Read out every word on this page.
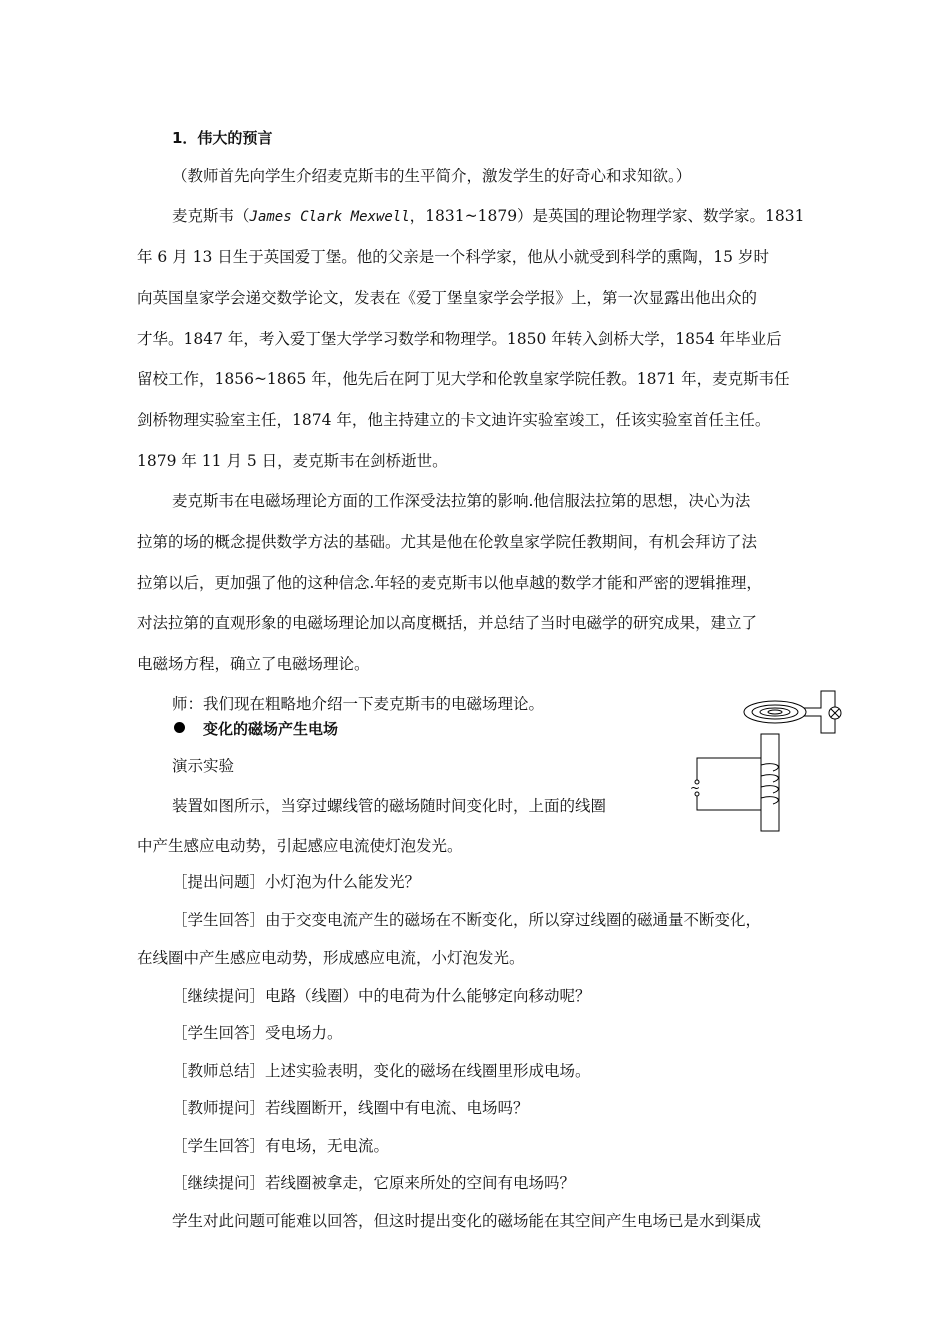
1．伟大的预言
（教师首先向学生介绍麦克斯韦的生平简介，激发学生的好奇心和求知欲。）
麦克斯韦（James Clark Mexwell，1831~1879）是英国的理论物理学家、数学家。1831
年 6 月 13 日生于英国爱丁堡。他的父亲是一个科学家，他从小就受到科学的熏陶，15 岁时
向英国皇家学会递交数学论文，发表在《爱丁堡皇家学会学报》上，第一次显露出他出众的
才华。1847 年，考入爱丁堡大学学习数学和物理学。1850 年转入剑桥大学，1854 年毕业后
留校工作，1856~1865 年，他先后在阿丁见大学和伦敦皇家学院任教。1871 年，麦克斯韦任
剑桥物理实验室主任，1874 年，他主持建立的卡文迪许实验室竣工，任该实验室首任主任。
1879 年 11 月 5 日，麦克斯韦在剑桥逝世。
麦克斯韦在电磁场理论方面的工作深受法拉第的影响.他信服法拉第的思想，决心为法
拉第的场的概念提供数学方法的基础。尤其是他在伦敦皇家学院任教期间，有机会拜访了法
拉第以后，更加强了他的这种信念.年轻的麦克斯韦以他卓越的数学才能和严密的逻辑推理，
对法拉第的直观形象的电磁场理论加以高度概括，并总结了当时电磁学的研究成果，建立了
电磁场方程，确立了电磁场理论。
师：我们现在粗略地介绍一下麦克斯韦的电磁场理论。
变化的磁场产生电场
演示实验
装置如图所示，当穿过螺线管的磁场随时间变化时，上面的线圈
中产生感应电动势，引起感应电流使灯泡发光。
［提出问题］小灯泡为什么能发光？
［学生回答］由于交变电流产生的磁场在不断变化，所以穿过线圈的磁通量不断变化，
在线圈中产生感应电动势，形成感应电流，小灯泡发光。
［继续提问］电路（线圈）中的电荷为什么能够定向移动呢？
［学生回答］受电场力。
［教师总结］上述实验表明，变化的磁场在线圈里形成电场。
［教师提问］若线圈断开，线圈中有电流、电场吗？
［学生回答］有电场，无电流。
［继续提问］若线圈被拿走，它原来所处的空间有电场吗？
学生对此问题可能难以回答，但这时提出变化的磁场能在其空间产生电场已是水到渠成
~
